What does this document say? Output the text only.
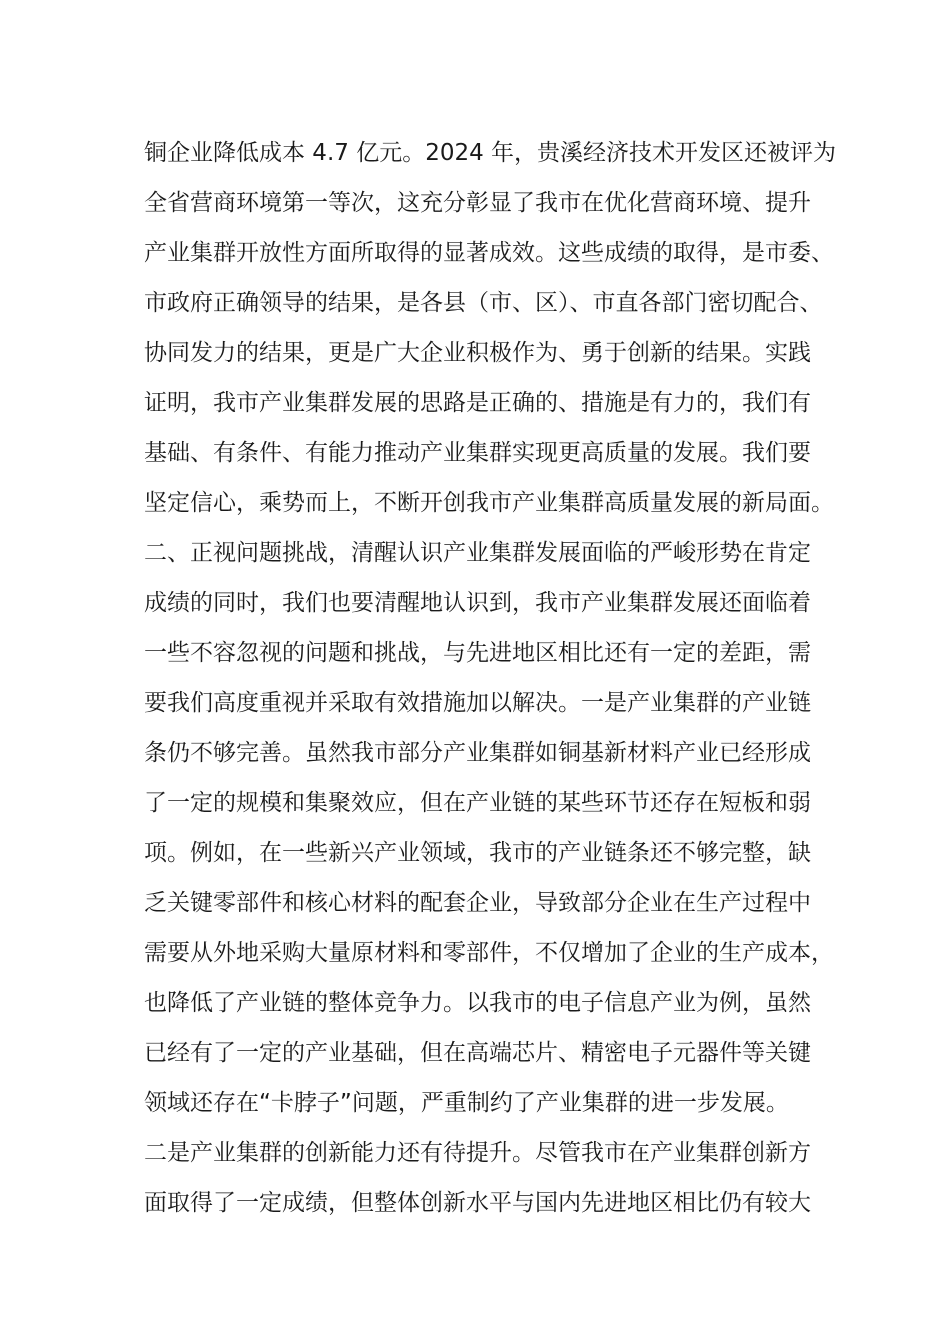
铜企业降低成本 4.7 亿元。2024 年，贵溪经济技术开发区还被评为
全省营商环境第一等次，这充分彰显了我市在优化营商环境、提升
产业集群开放性方面所取得的显著成效。这些成绩的取得，是市委、
市政府正确领导的结果，是各县（市、区）、市直各部门密切配合、
协同发力的结果，更是广大企业积极作为、勇于创新的结果。实践
证明，我市产业集群发展的思路是正确的、措施是有力的，我们有
基础、有条件、有能力推动产业集群实现更高质量的发展。我们要
坚定信心，乘势而上，不断开创我市产业集群高质量发展的新局面。
二、正视问题挑战，清醒认识产业集群发展面临的严峻形势在肯定
成绩的同时，我们也要清醒地认识到，我市产业集群发展还面临着
一些不容忽视的问题和挑战，与先进地区相比还有一定的差距，需
要我们高度重视并采取有效措施加以解决。一是产业集群的产业链
条仍不够完善。虽然我市部分产业集群如铜基新材料产业已经形成
了一定的规模和集聚效应，但在产业链的某些环节还存在短板和弱
项。例如，在一些新兴产业领域，我市的产业链条还不够完整，缺
乏关键零部件和核心材料的配套企业，导致部分企业在生产过程中
需要从外地采购大量原材料和零部件，不仅增加了企业的生产成本，
也降低了产业链的整体竞争力。以我市的电子信息产业为例，虽然
已经有了一定的产业基础，但在高端芯片、精密电子元器件等关键
领域还存在“卡脖子”问题，严重制约了产业集群的进一步发展。
二是产业集群的创新能力还有待提升。尽管我市在产业集群创新方
面取得了一定成绩，但整体创新水平与国内先进地区相比仍有较大
